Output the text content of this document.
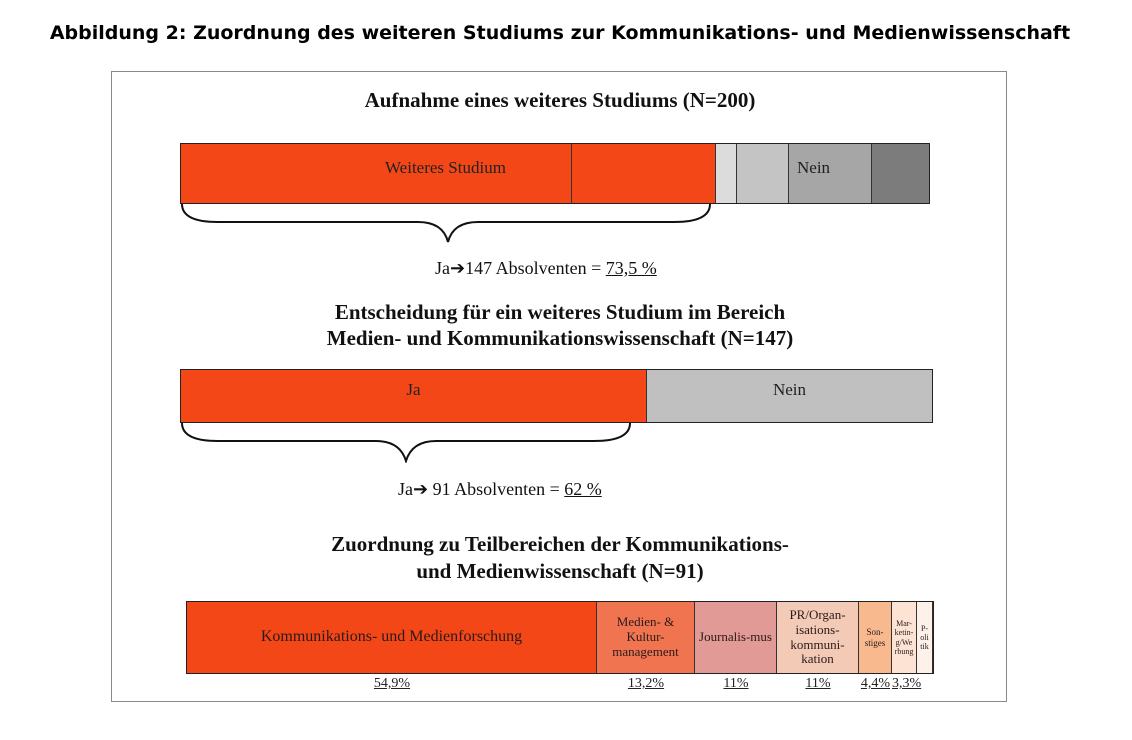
Abbildung 2: Zuordnung des weiteren Studiums zur Kommunikations- und Medienwissenschaft
Aufnahme eines weiteres Studiums (N=200)
Weiteres Studium	Nein
Ja➔147 Absolventen = 73,5 %
Entscheidung für ein weiteres Studium im Bereich
Medien- und Kommunikationswissenschaft (N=147)
Ja	Nein
Ja➔ 91 Absolventen = 62 %
Zuordnung zu Teilbereichen der Kommunikations-
und Medienwissenschaft (N=91)
Kommunikations- und Medienforschung
Medien- & Kultur-management
Journalis-mus
PR/Organ-isations-kommuni-kation
Son-stiges
Mar-ketin-g/We rbung
P-oli tik
54,9%	13,2%	11%	11%	4,4% 3,3%
